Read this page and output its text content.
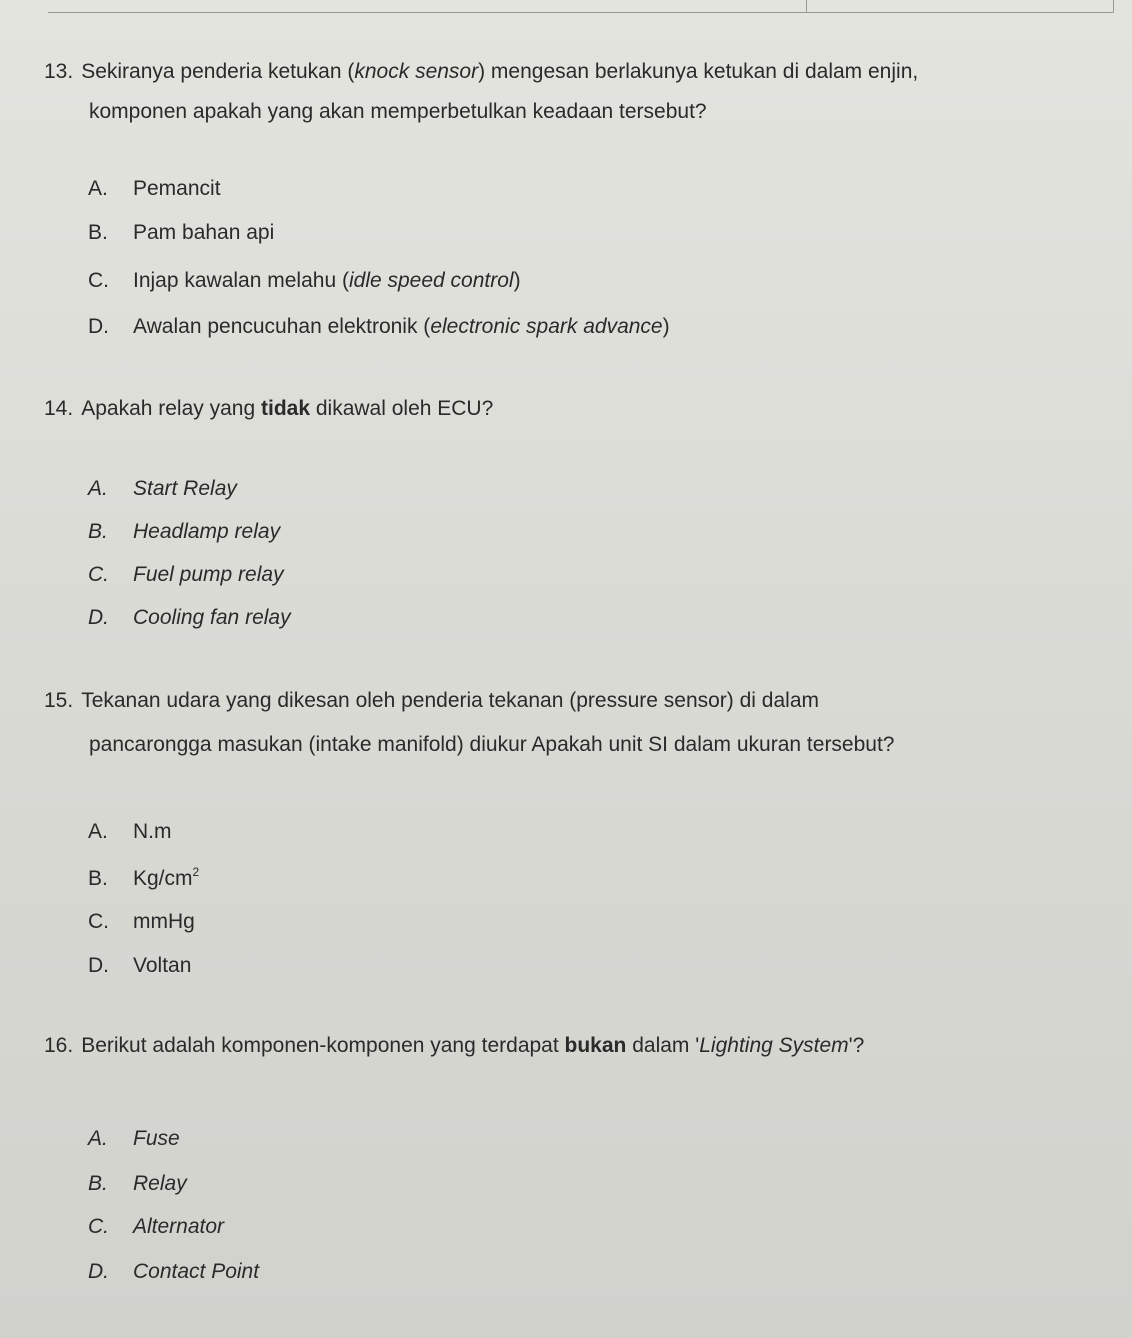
13. Sekiranya penderia ketukan (knock sensor) mengesan berlakunya ketukan di dalam enjin,
komponen apakah yang akan memperbetulkan keadaan tersebut?
A. Pemancit
B. Pam bahan api
C. Injap kawalan melahu (idle speed control)
D. Awalan pencucuhan elektronik (electronic spark advance)
14. Apakah relay yang tidak dikawal oleh ECU?
A. Start Relay
B. Headlamp relay
C. Fuel pump relay
D. Cooling fan relay
15. Tekanan udara yang dikesan oleh penderia tekanan (pressure sensor) di dalam
pancarongga masukan (intake manifold) diukur Apakah unit SI dalam ukuran tersebut?
A. N.m
B. $Kg/cm^2$
C. mmHg
D. Voltan
16. Berikut adalah komponen-komponen yang terdapat bukan dalam 'Lighting System'?
A. Fuse
B. Relay
C. Alternator
D. Contact Point
